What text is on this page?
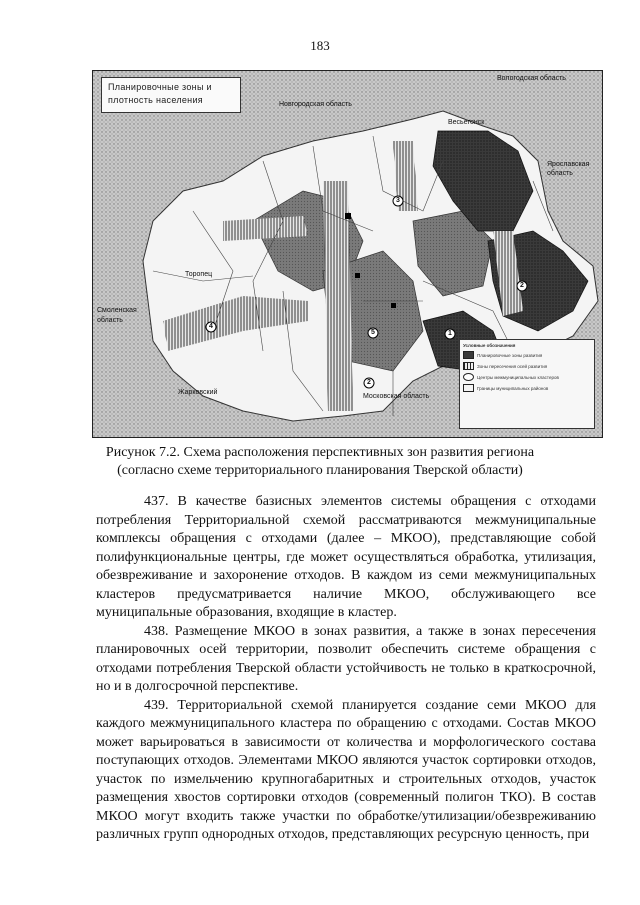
183
Планировочные зоны и
плотность населения
Вологодская область
Новгородская область
Ярославская
область
Смоленская
область
Московская область
Торопец
Весьегонск
Жарковский
1
2
2
3
4
5
Условные обозначения
Планировочные зоны развития
Зоны пересечения осей развития
Центры межмуниципальных кластеров
Границы муниципальных районов
Рисунок 7.2. Схема расположения перспективных зон развития региона
(согласно схеме территориального планирования Тверской области)

437. В качестве базисных элементов системы обращения с отходами потребления Территориальной схемой рассматриваются межмуниципальные комплексы обращения с отходами (далее – МКОО), представляющие собой полифункциональные центры, где может осуществляться обработка, утилизация, обезвреживание и захоронение отходов. В каждом из семи межмуниципальных кластеров предусматривается наличие МКОО, обслуживающего все муниципальные образования, входящие в кластер.

438. Размещение МКОО в зонах развития, а также в зонах пересечения планировочных осей территории, позволит обеспечить системе обращения с отходами потребления Тверской области устойчивость не только в краткосрочной, но и в долгосрочной перспективе.

439. Территориальной схемой планируется создание семи МКОО для каждого межмуниципального кластера по обращению с отходами. Состав МКОО может варьироваться в зависимости от количества и морфологического состава поступающих отходов. Элементами МКОО являются участок сортировки отходов, участок по измельчению крупногабаритных и строительных отходов, участок размещения хвостов сортировки отходов (современный полигон ТКО). В состав МКОО могут входить также участки по обработке/утилизации/обезвреживанию различных групп однородных отходов, представляющих ресурсную ценность, при
